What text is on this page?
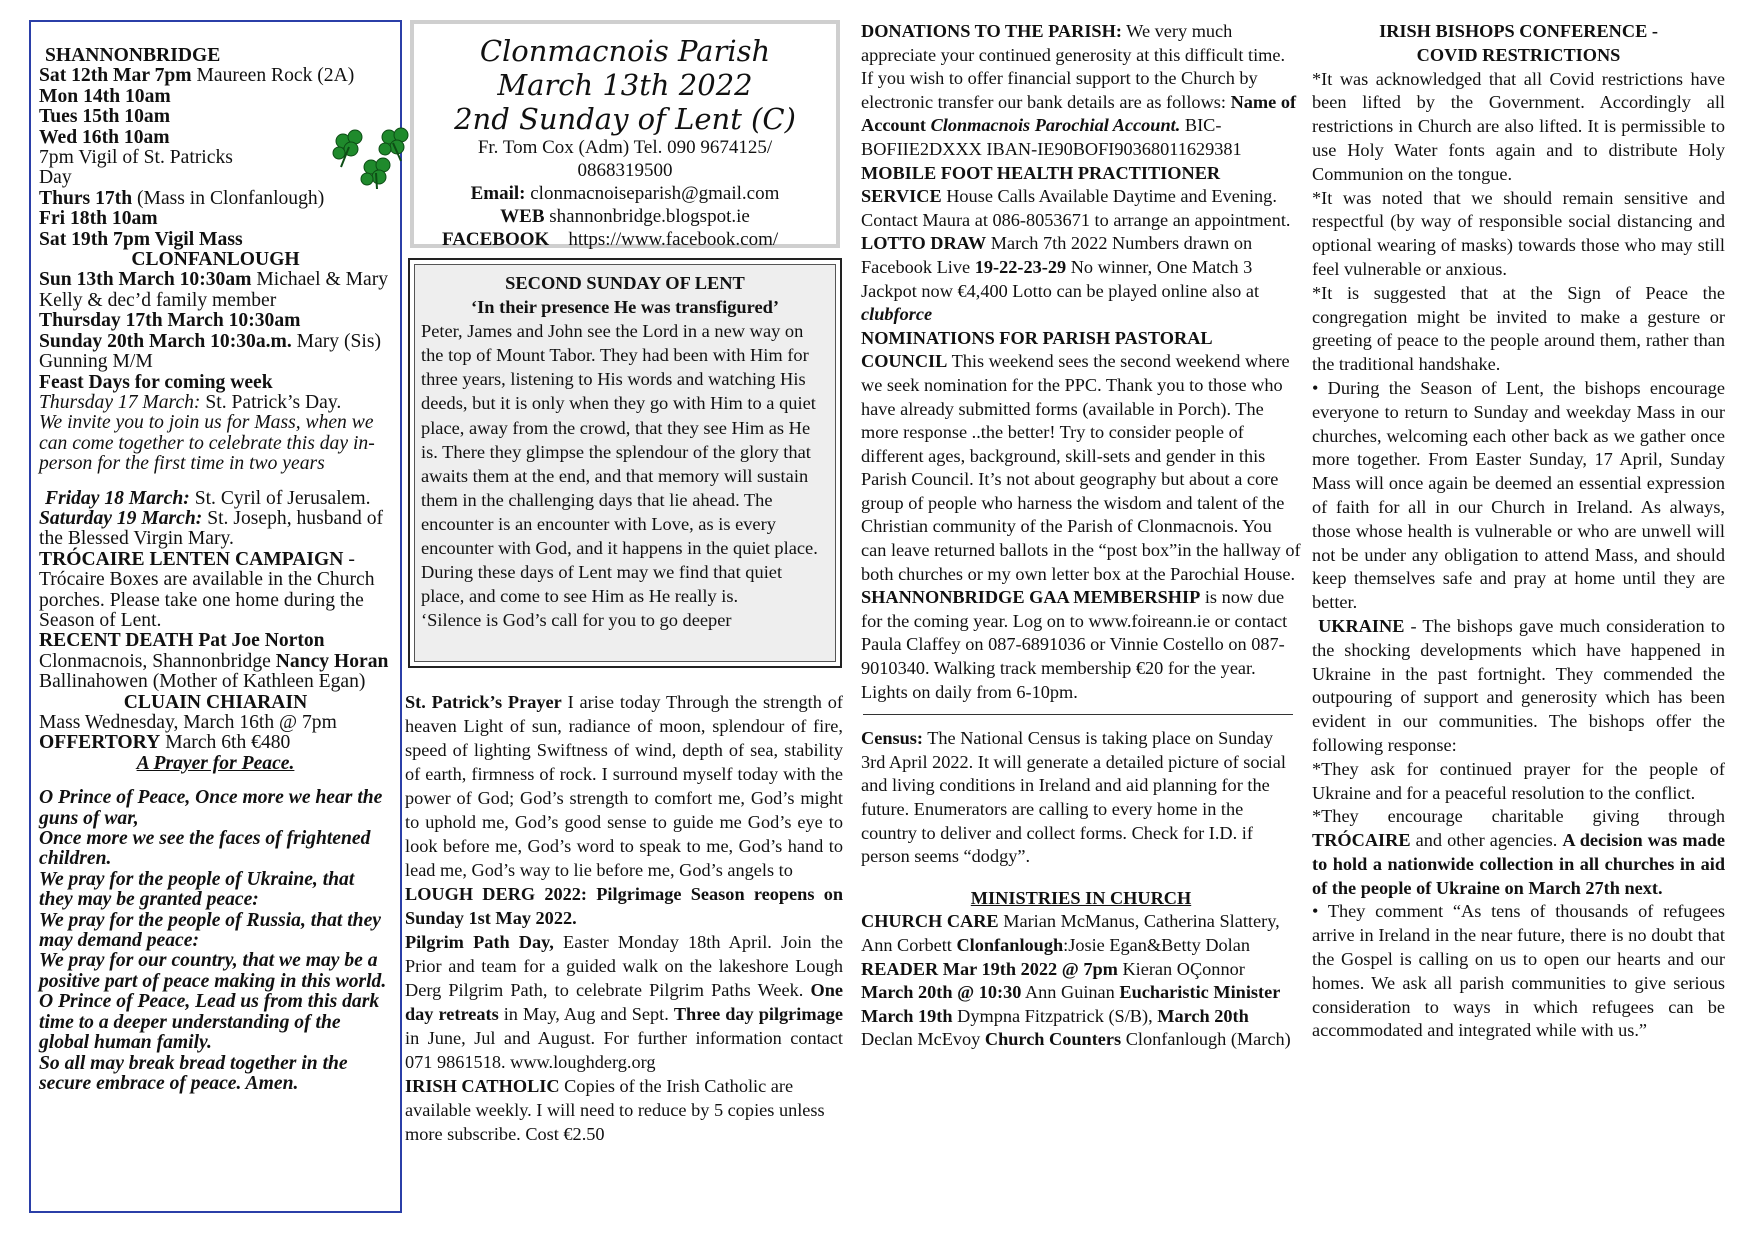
SHANNONBRIDGE

Sat 12th Mar 7pm Maureen Rock (2A)

Mon 14th 10am

Tues 15th 10am

Wed 16th 10am

7pm Vigil of St. Patricks Day

Thurs 17th (Mass in Clonfanlough)

Fri 18th 10am

Sat 19th 7pm Vigil Mass

CLONFANLOUGH

Sun 13th March 10:30am Michael & Mary Kelly & dec’d family member

Thursday 17th March 10:30am

Sunday 20th March 10:30a.m. Mary (Sis) Gunning M/M

Feast Days for coming week

Thursday 17 March: St. Patrick’s Day.

We invite you to join us for Mass, when we can come together to celebrate this day in-person for the first time in two years

Friday 18 March: St. Cyril of Jerusalem. Saturday 19 March: St. Joseph, husband of the Blessed Virgin Mary.

TRÓCAIRE LENTEN CAMPAIGN - Trócaire Boxes are available in the Church porches. Please take one home during the Season of Lent.

RECENT DEATH Pat Joe Norton Clonmacnois, Shannonbridge Nancy Horan Ballinahowen (Mother of Kathleen Egan)

CLUAIN CHIARAIN

Mass Wednesday, March 16th @ 7pm

OFFERTORY March 6th €480

A Prayer for Peace.

O Prince of Peace, Once more we hear the guns of war,

Once more we see the faces of frightened children.

We pray for the people of Ukraine, that they may be granted peace:

We pray for the people of Russia, that they may demand peace:

We pray for our country, that we may be a positive part of peace making in this world.

O Prince of Peace, Lead us from this dark time to a deeper understanding of the global human family.

So all may break bread together in the secure embrace of peace. Amen.

Clonmacnois Parish
March 13th 2022
2nd Sunday of Lent (C)
Fr. Tom Cox (Adm) Tel. 090 9674125/ 0868319500
Email: clonmacnoiseparish@gmail.com
WEB shannonbridge.blogspot.ie
FACEBOOK https://www.facebook.com/

SECOND SUNDAY OF LENT

‘In their presence He was transfigured’

Peter, James and John see the Lord in a new way on the top of Mount Tabor. They had been with Him for three years, listening to His words and watching His deeds, but it is only when they go with Him to a quiet place, away from the crowd, that they see Him as He is. There they glimpse the splendour of the glory that awaits them at the end, and that memory will sustain them in the challenging days that lie ahead. The encounter is an encounter with Love, as is every encounter with God, and it happens in the quiet place. During these days of Lent may we find that quiet place, and come to see Him as He really is.

‘Silence is God’s call for you to go deeper

St. Patrick’s Prayer I arise today Through the strength of heaven Light of sun, radiance of moon, splendour of fire, speed of lighting Swiftness of wind, depth of sea, stability of earth, firmness of rock. I surround myself today with the power of God; God’s strength to comfort me, God’s might to uphold me, God’s good sense to guide me God’s eye to look before me, God’s word to speak to me, God’s hand to lead me, God’s way to lie before me, God’s angels to

LOUGH DERG 2022: Pilgrimage Season reopens on Sunday 1st May 2022.

Pilgrim Path Day, Easter Monday 18th April. Join the Prior and team for a guided walk on the lakeshore Lough Derg Pilgrim Path, to celebrate Pilgrim Paths Week. One day retreats in May, Aug and Sept. Three day pilgrimage in June, Jul and August. For further information contact 071 9861518. www.loughderg.org

IRISH CATHOLIC Copies of the Irish Catholic are available weekly. I will need to reduce by 5 copies unless more subscribe. Cost €2.50

DONATIONS TO THE PARISH: We very much appreciate your continued generosity at this difficult time. If you wish to offer financial support to the Church by electronic transfer our bank details are as follows: Name of Account Clonmacnois Parochial Account. BIC-BOFIIE2DXXX IBAN-IE90BOFI90368011629381

MOBILE FOOT HEALTH PRACTITIONER SERVICE House Calls Available Daytime and Evening. Contact Maura at 086-8053671 to arrange an appointment.

LOTTO DRAW March 7th 2022 Numbers drawn on Facebook Live 19-22-23-29 No winner, One Match 3 Jackpot now €4,400 Lotto can be played online also at clubforce

NOMINATIONS FOR PARISH PASTORAL COUNCIL This weekend sees the second weekend where we seek nomination for the PPC. Thank you to those who have already submitted forms (available in Porch). The more response ..the better! Try to consider people of different ages, background, skill-sets and gender in this Parish Council. It’s not about geography but about a core group of people who harness the wisdom and talent of the Christian community of the Parish of Clonmacnois. You can leave returned ballots in the “post box”in the hallway of both churches or my own letter box at the Parochial House.

SHANNONBRIDGE GAA MEMBERSHIP is now due for the coming year. Log on to www.foireann.ie or contact Paula Claffey on 087-6891036 or Vinnie Costello on 087-9010340. Walking track membership €20 for the year. Lights on daily from 6-10pm.

Census: The National Census is taking place on Sunday 3rd April 2022. It will generate a detailed picture of social and living conditions in Ireland and aid planning for the future. Enumerators are calling to every home in the country to deliver and collect forms. Check for I.D. if person seems “dodgy”.

MINISTRIES IN CHURCH

CHURCH CARE Marian McManus, Catherina Slattery, Ann Corbett Clonfanlough:Josie Egan&Betty Dolan READER Mar 19th 2022 @ 7pm Kieran OÇonnor March 20th @ 10:30 Ann Guinan Eucharistic Minister March 19th Dympna Fitzpatrick (S/B), March 20th Declan McEvoy Church Counters Clonfanlough (March)

IRISH BISHOPS CONFERENCE -

COVID RESTRICTIONS

*It was acknowledged that all Covid restrictions have been lifted by the Government. Accordingly all restrictions in Church are also lifted. It is permissible to use Holy Water fonts again and to distribute Holy Communion on the tongue.

*It was noted that we should remain sensitive and respectful (by way of responsible social distancing and optional wearing of masks) towards those who may still feel vulnerable or anxious.

*It is suggested that at the Sign of Peace the congregation might be invited to make a gesture or greeting of peace to the people around them, rather than the traditional handshake.

• During the Season of Lent, the bishops encourage everyone to return to Sunday and weekday Mass in our churches, welcoming each other back as we gather once more together. From Easter Sunday, 17 April, Sunday Mass will once again be deemed an essential expression of faith for all in our Church in Ireland. As always, those whose health is vulnerable or who are unwell will not be under any obligation to attend Mass, and should keep themselves safe and pray at home until they are better.

UKRAINE - The bishops gave much consideration to the shocking developments which have happened in Ukraine in the past fortnight. They commended the outpouring of support and generosity which has been evident in our communities. The bishops offer the following response:

*They ask for continued prayer for the people of Ukraine and for a peaceful resolution to the conflict.

*They encourage charitable giving through TRÓCAIRE and other agencies. A decision was made to hold a nationwide collection in all churches in aid of the people of Ukraine on March 27th next.

• They comment “As tens of thousands of refugees arrive in Ireland in the near future, there is no doubt that the Gospel is calling on us to open our hearts and our homes. We ask all parish communities to give serious consideration to ways in which refugees can be accommodated and integrated while with us.”
